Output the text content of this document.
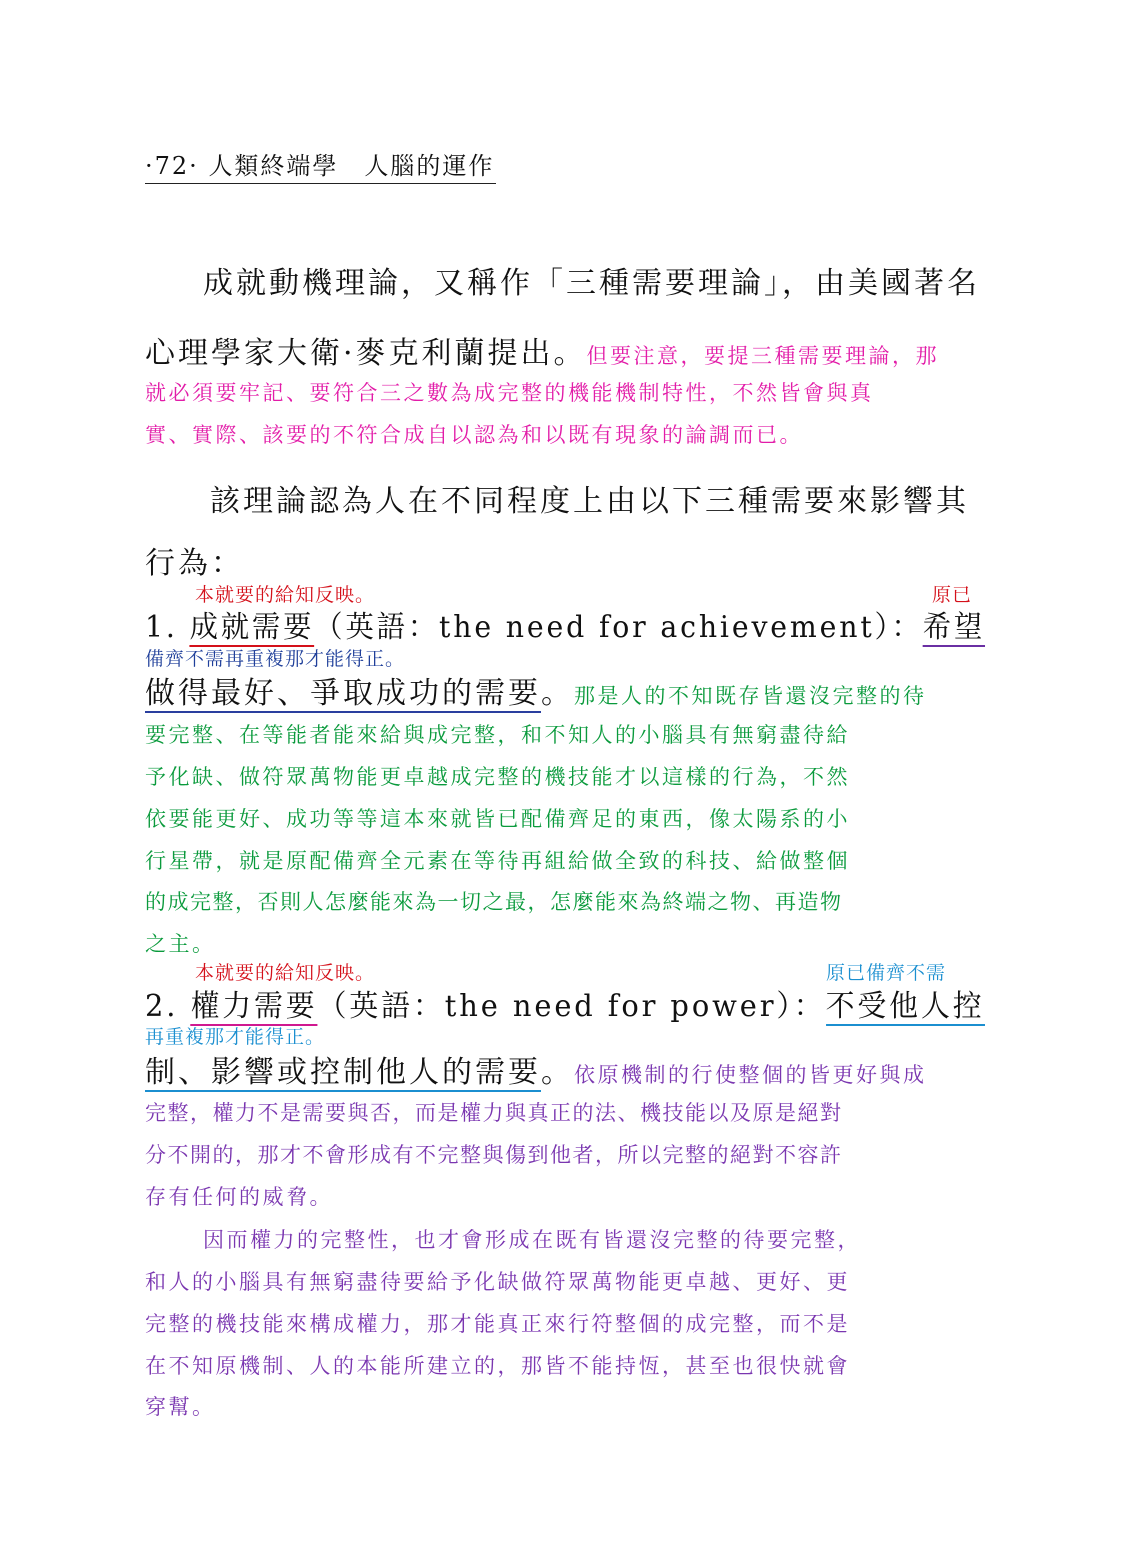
·72· 人類終端學　人腦的運作
成就動機理論，又稱作「三種需要理論」，由美國著名
心理學家大衛·麥克利蘭提出。但要注意，要提三種需要理論，那
就必須要牢記、要符合三之數為成完整的機能機制特性，不然皆會與真
實、實際、該要的不符合成自以認為和以既有現象的論調而已。
該理論認為人在不同程度上由以下三種需要來影響其
行為：
本就要的給知反映。	原已
1. 成就需要（英語：the need for achievement）：希望
備齊不需再重複那才能得正。
做得最好、爭取成功的需要。那是人的不知既存皆還沒完整的待
要完整、在等能者能來給與成完整，和不知人的小腦具有無窮盡待給
予化缺、做符眾萬物能更卓越成完整的機技能才以這樣的行為，不然
依要能更好、成功等等這本來就皆已配備齊足的東西，像太陽系的小
行星帶，就是原配備齊全元素在等待再組給做全致的科技、給做整個
的成完整，否則人怎麼能來為一切之最，怎麼能來為終端之物、再造物
之主。
本就要的給知反映。	原已備齊不需
2. 權力需要（英語：the need for power）：不受他人控
再重複那才能得正。
制、影響或控制他人的需要。依原機制的行使整個的皆更好與成
完整，權力不是需要與否，而是權力與真正的法、機技能以及原是絕對
分不開的，那才不會形成有不完整與傷到他者，所以完整的絕對不容許
存有任何的威脅。
因而權力的完整性，也才會形成在既有皆還沒完整的待要完整，
和人的小腦具有無窮盡待要給予化缺做符眾萬物能更卓越、更好、更
完整的機技能來構成權力，那才能真正來行符整個的成完整，而不是
在不知原機制、人的本能所建立的，那皆不能持恆，甚至也很快就會
穿幫。
